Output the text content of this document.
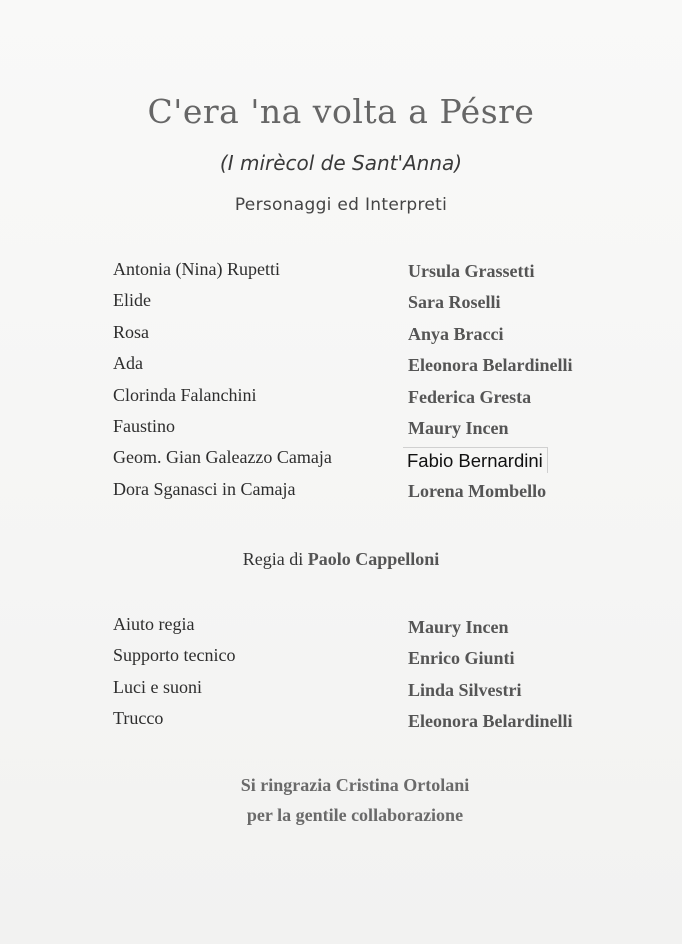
C'era 'na volta a Pésre
(I mirècol de Sant'Anna)
Personaggi ed Interpreti
Antonia (Nina) Rupetti
Elide
Rosa
Ada
Clorinda Falanchini
Faustino
Geom. Gian Galeazzo Camaja
Dora Sganasci in Camaja
Ursula Grassetti
Sara Roselli
Anya Bracci
Eleonora Belardinelli
Federica Gresta
Maury Incen
Fabio Bernardini
Lorena Mombello
Regia di Paolo Cappelloni
Aiuto regia
Supporto tecnico
Luci e suoni
Trucco
Maury Incen
Enrico Giunti
Linda Silvestri
Eleonora Belardinelli
Si ringrazia Cristina Ortolani
per la gentile collaborazione
